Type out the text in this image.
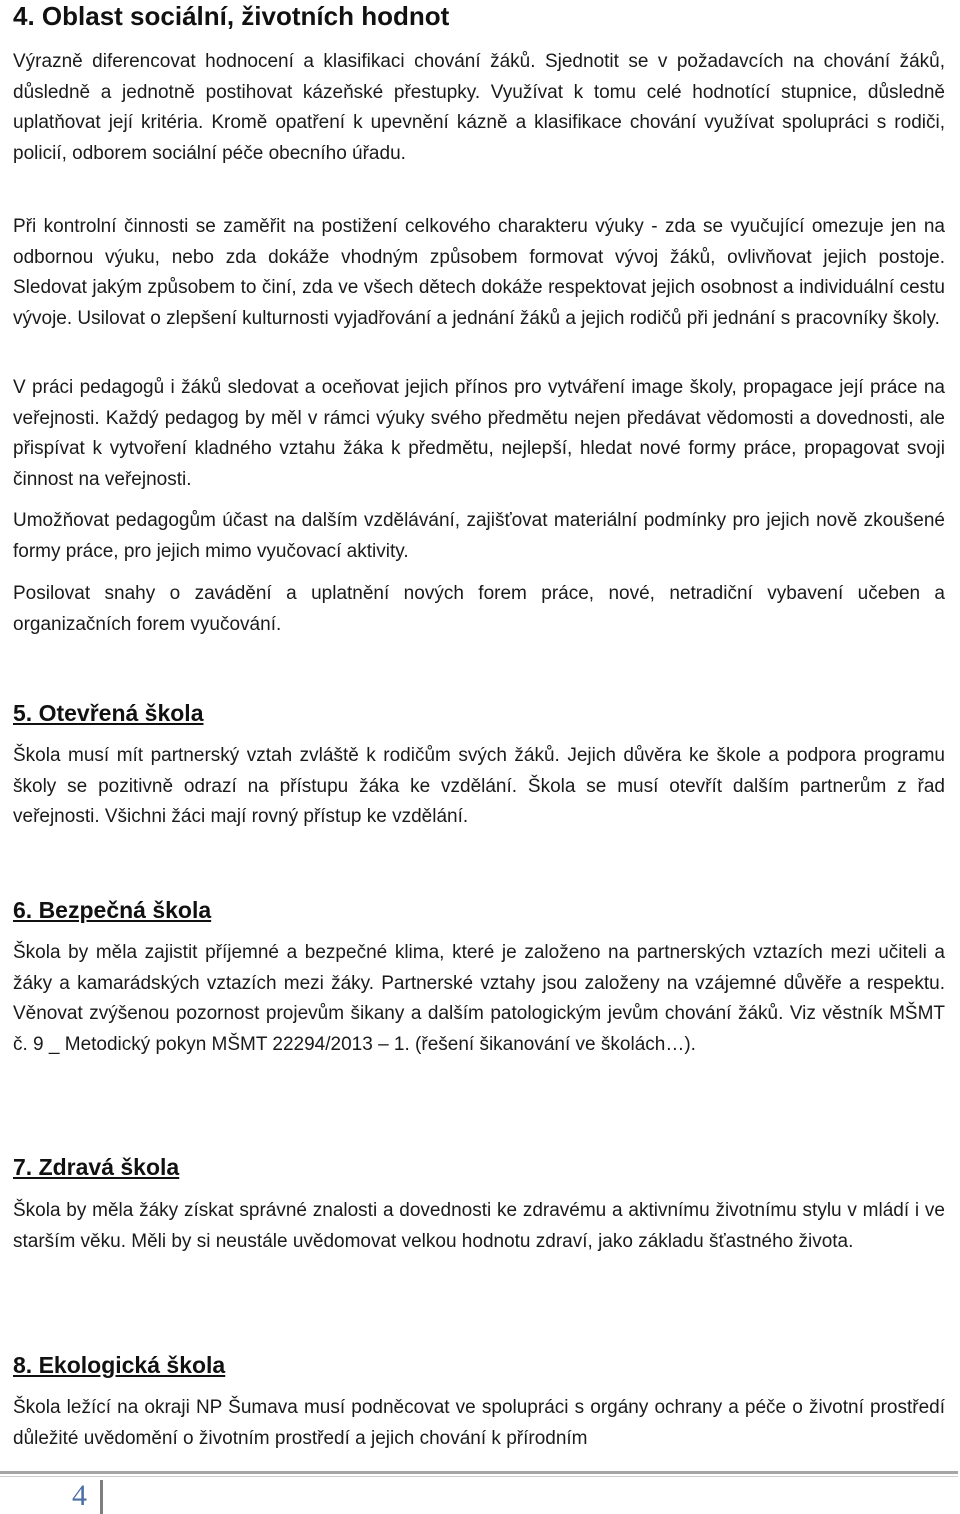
4. Oblast sociální, životních hodnot

Výrazně diferencovat hodnocení a klasifikaci chování žáků. Sjednotit se v požadavcích na chování žáků, důsledně a jednotně postihovat kázeňské přestupky. Využívat k tomu celé hodnotící stupnice, důsledně uplatňovat její kritéria. Kromě opatření k upevnění kázně a klasifikace chování využívat spolupráci s rodiči, policií, odborem sociální péče obecního úřadu.

Při kontrolní činnosti se zaměřit na postižení celkového charakteru výuky - zda se vyučující omezuje jen na odbornou výuku, nebo zda dokáže vhodným způsobem formovat vývoj žáků, ovlivňovat jejich postoje. Sledovat jakým způsobem to činí, zda ve všech dětech dokáže respektovat jejich osobnost a individuální cestu vývoje. Usilovat o zlepšení kulturnosti vyjadřování a jednání žáků a jejich rodičů při jednání s pracovníky školy.

V práci pedagogů i žáků sledovat a oceňovat jejich přínos pro vytváření image školy, propagace její práce na veřejnosti. Každý pedagog by měl v rámci výuky svého předmětu nejen předávat vědomosti a dovednosti, ale přispívat k vytvoření kladného vztahu žáka k předmětu, nejlepší, hledat nové formy práce, propagovat svoji činnost na veřejnosti.

Umožňovat pedagogům účast na dalším vzdělávání, zajišťovat materiální podmínky pro jejich nově zkoušené formy práce, pro jejich mimo vyučovací aktivity.

Posilovat snahy o zavádění a uplatnění nových forem práce, nové, netradiční vybavení učeben a organizačních forem vyučování.

5. Otevřená škola

Škola musí mít partnerský vztah zvláště k rodičům svých žáků. Jejich důvěra ke škole a podpora programu školy se pozitivně odrazí na přístupu žáka ke vzdělání. Škola se musí otevřít dalším partnerům z řad veřejnosti. Všichni žáci mají rovný přístup ke vzdělání.

6. Bezpečná škola

Škola by měla zajistit příjemné a bezpečné klima, které je založeno na partnerských vztazích mezi učiteli a žáky a kamarádských vztazích mezi žáky. Partnerské vztahy jsou založeny na vzájemné důvěře a respektu. Věnovat zvýšenou pozornost projevům šikany a dalším patologickým jevům chování žáků. Viz věstník MŠMT č. 9 _ Metodický pokyn MŠMT 22294/2013 – 1. (řešení šikanování ve školách…).

7. Zdravá škola

Škola by měla žáky získat správné znalosti a dovednosti ke zdravému a aktivnímu životnímu stylu v mládí i ve starším věku. Měli by si neustále uvědomovat velkou hodnotu zdraví, jako základu šťastného života.

8. Ekologická škola

Škola ležící na okraji NP Šumava musí podněcovat ve spolupráci s orgány ochrany a péče o životní prostředí důležité uvědomění o životním prostředí a jejich chování k přírodním

4
